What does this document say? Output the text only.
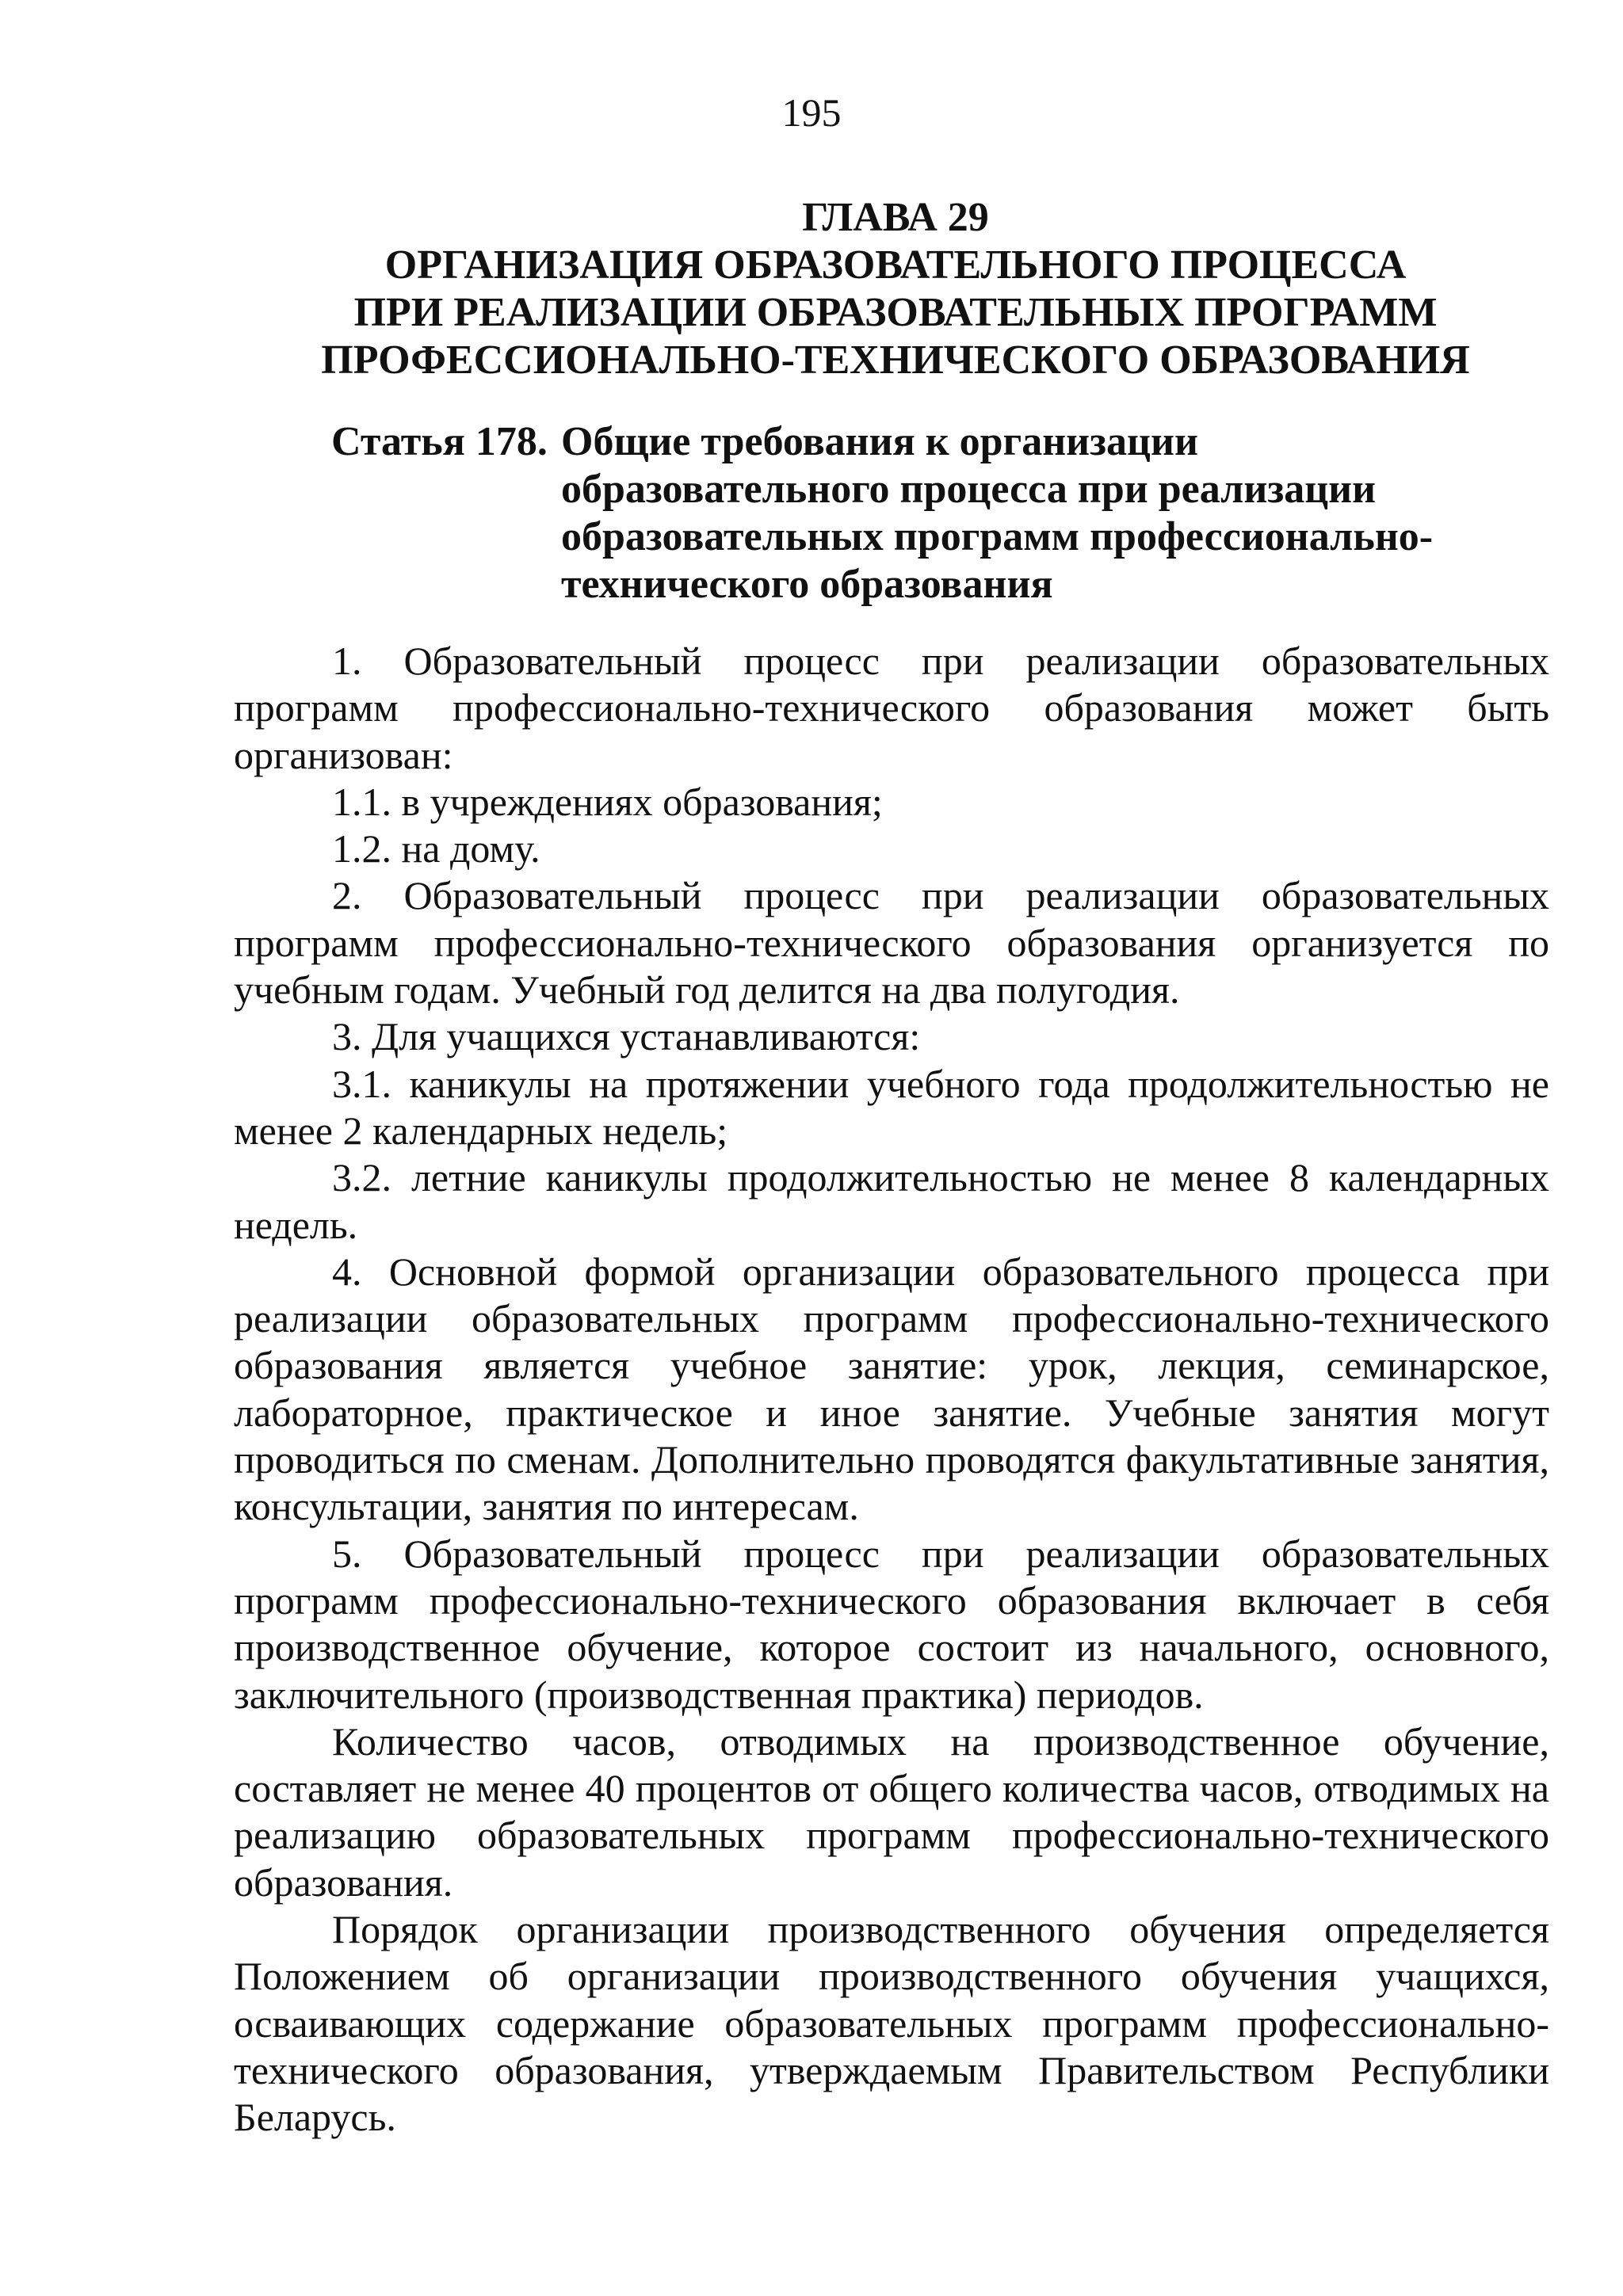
195
ГЛАВА 29
ОРГАНИЗАЦИЯ ОБРАЗОВАТЕЛЬНОГО ПРОЦЕССА
ПРИ РЕАЛИЗАЦИИ ОБРАЗОВАТЕЛЬНЫХ ПРОГРАММ
ПРОФЕССИОНАЛЬНО-ТЕХНИЧЕСКОГО ОБРАЗОВАНИЯ
Статья 178. Общие требования к организации
образовательного процесса при реализации
образовательных программ профессионально-
технического образования

1. Образовательный процесс при реализации образовательных программ профессионально-технического образования может быть организован:

1.1. в учреждениях образования;

1.2. на дому.

2. Образовательный процесс при реализации образовательных программ профессионально-технического образования организуется по учебным годам. Учебный год делится на два полугодия.

3. Для учащихся устанавливаются:

3.1. каникулы на протяжении учебного года продолжительностью не менее 2 календарных недель;

3.2. летние каникулы продолжительностью не менее 8 календарных недель.

4. Основной формой организации образовательного процесса при реализации образовательных программ профессионально-технического образования является учебное занятие: урок, лекция, семинарское, лабораторное, практическое и иное занятие. Учебные занятия могут проводиться по сменам. Дополнительно проводятся факультативные занятия, консультации, занятия по интересам.

5. Образовательный процесс при реализации образовательных программ профессионально-технического образования включает в себя производственное обучение, которое состоит из начального, основного, заключительного (производственная практика) периодов.

Количество часов, отводимых на производственное обучение, составляет не менее 40 процентов от общего количества часов, отводимых на реализацию образовательных программ профессионально-технического образования.

Порядок организации производственного обучения определяется Положением об организации производственного обучения учащихся, осваивающих содержание образовательных программ профессионально-технического образования, утверждаемым Правительством Республики Беларусь.
